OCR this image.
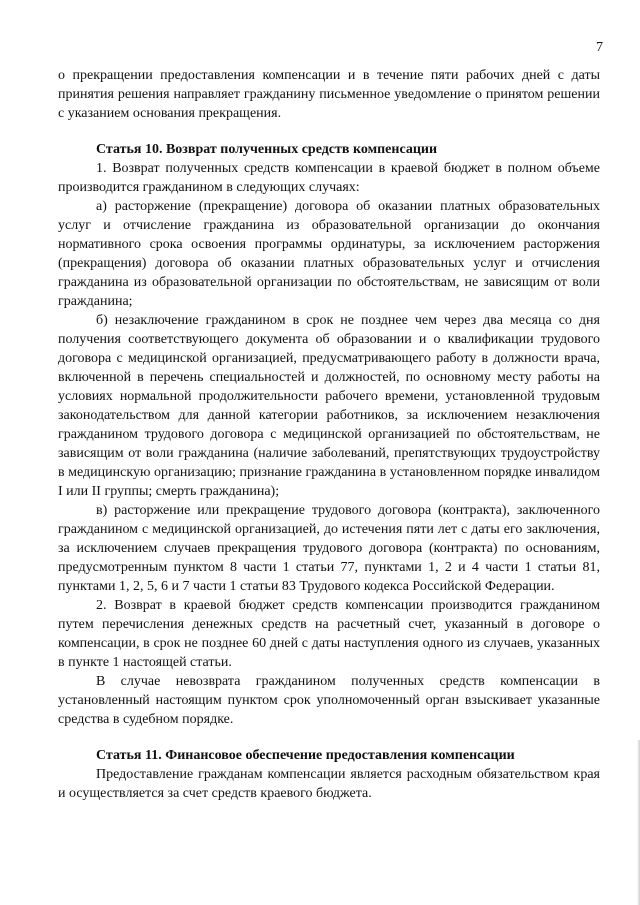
7

о прекращении предоставления компенсации и в течение пяти рабочих дней с даты принятия решения направляет гражданину письменное уведомление о принятом решении с указанием основания прекращения.

Статья 10. Возврат полученных средств компенсации

1. Возврат полученных средств компенсации в краевой бюджет в полном объеме производится гражданином в следующих случаях:

а) расторжение (прекращение) договора об оказании платных образовательных услуг и отчисление гражданина из образовательной организации до окончания нормативного срока освоения программы ординатуры, за исключением расторжения (прекращения) договора об оказании платных образовательных услуг и отчисления гражданина из образовательной организации по обстоятельствам, не зависящим от воли гражданина;

б) незаключение гражданином в срок не позднее чем через два месяца со дня получения соответствующего документа об образовании и о квалификации трудового договора с медицинской организацией, предусматривающего работу в должности врача, включенной в перечень специальностей и должностей, по основному месту работы на условиях нормальной продолжительности рабочего времени, установленной трудовым законодательством для данной категории работников, за исключением незаключения гражданином трудового договора с медицинской организацией по обстоятельствам, не зависящим от воли гражданина (наличие заболеваний, препятствующих трудоустройству в медицинскую организацию; признание гражданина в установленном порядке инвалидом I или II группы; смерть гражданина);

в) расторжение или прекращение трудового договора (контракта), заключенного гражданином с медицинской организацией, до истечения пяти лет с даты его заключения, за исключением случаев прекращения трудового договора (контракта) по основаниям, предусмотренным пунктом 8 части 1 статьи 77, пунктами 1, 2 и 4 части 1 статьи 81, пунктами 1, 2, 5, 6 и 7 части 1 статьи 83 Трудового кодекса Российской Федерации.

2. Возврат в краевой бюджет средств компенсации производится гражданином путем перечисления денежных средств на расчетный счет, указанный в договоре о компенсации, в срок не позднее 60 дней с даты наступления одного из случаев, указанных в пункте 1 настоящей статьи.

В случае невозврата гражданином полученных средств компенсации в установленный настоящим пунктом срок уполномоченный орган взыскивает указанные средства в судебном порядке.

Статья 11. Финансовое обеспечение предоставления компенсации

Предоставление гражданам компенсации является расходным обязательством края и осуществляется за счет средств краевого бюджета.
